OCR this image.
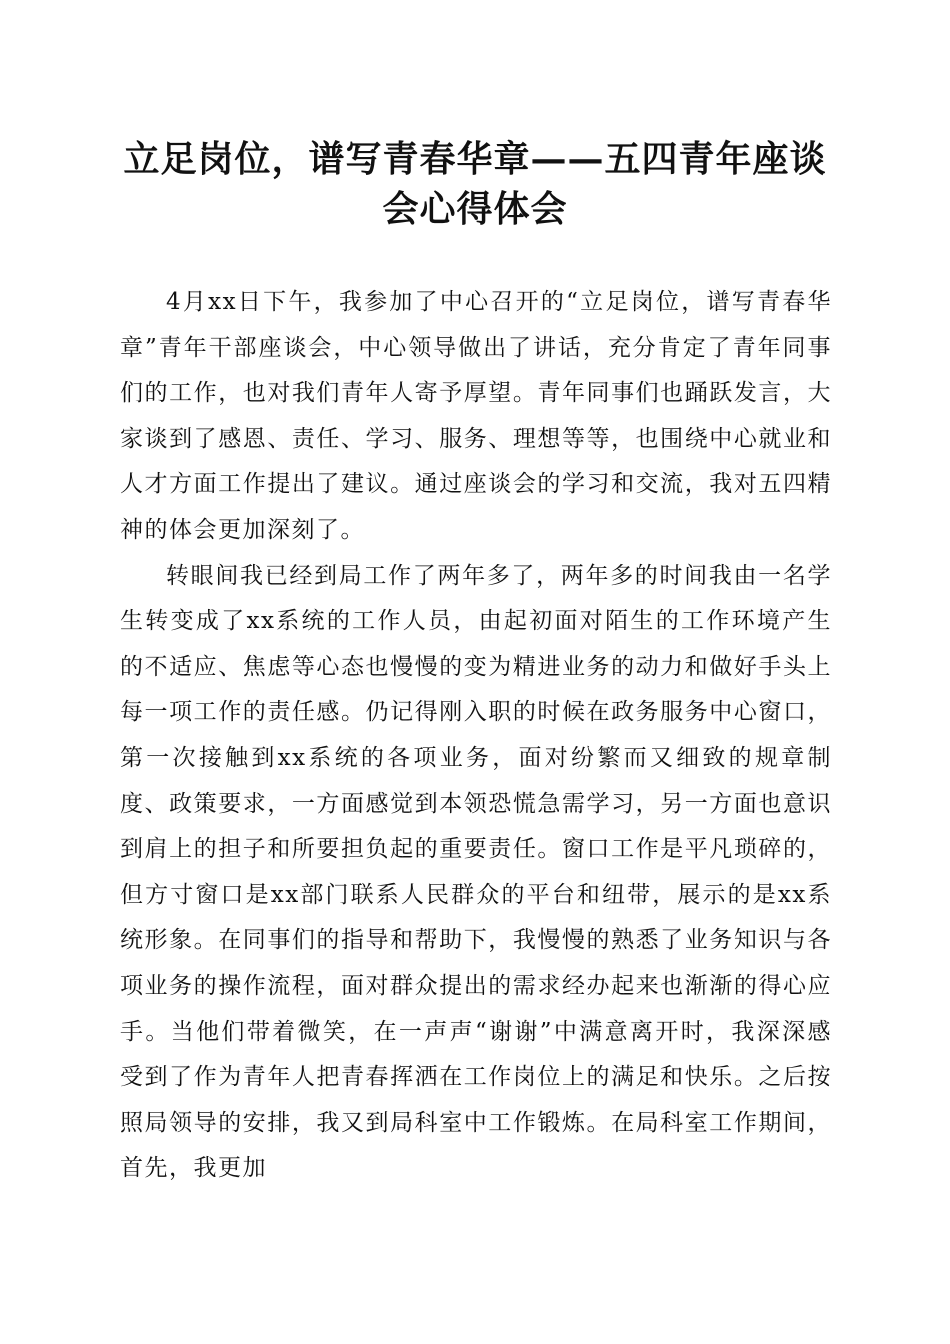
立足岗位，谱写青春华章——五四青年座谈会心得体会

4月xx日下午，我参加了中心召开的“立足岗位，谱写青春华章”青年干部座谈会，中心领导做出了讲话，充分肯定了青年同事们的工作，也对我们青年人寄予厚望。青年同事们也踊跃发言，大家谈到了感恩、责任、学习、服务、理想等等，也围绕中心就业和人才方面工作提出了建议。通过座谈会的学习和交流，我对五四精神的体会更加深刻了。

转眼间我已经到局工作了两年多了，两年多的时间我由一名学生转变成了xx系统的工作人员，由起初面对陌生的工作环境产生的不适应、焦虑等心态也慢慢的变为精进业务的动力和做好手头上每一项工作的责任感。仍记得刚入职的时候在政务服务中心窗口，第一次接触到xx系统的各项业务，面对纷繁而又细致的规章制度、政策要求，一方面感觉到本领恐慌急需学习，另一方面也意识到肩上的担子和所要担负起的重要责任。窗口工作是平凡琐碎的，但方寸窗口是xx部门联系人民群众的平台和纽带，展示的是xx系统形象。在同事们的指导和帮助下，我慢慢的熟悉了业务知识与各项业务的操作流程，面对群众提出的需求经办起来也渐渐的得心应手。当他们带着微笑，在一声声“谢谢”中满意离开时，我深深感受到了作为青年人把青春挥洒在工作岗位上的满足和快乐。之后按照局领导的安排，我又到局科室中工作锻炼。在局科室工作期间，首先，我更加
